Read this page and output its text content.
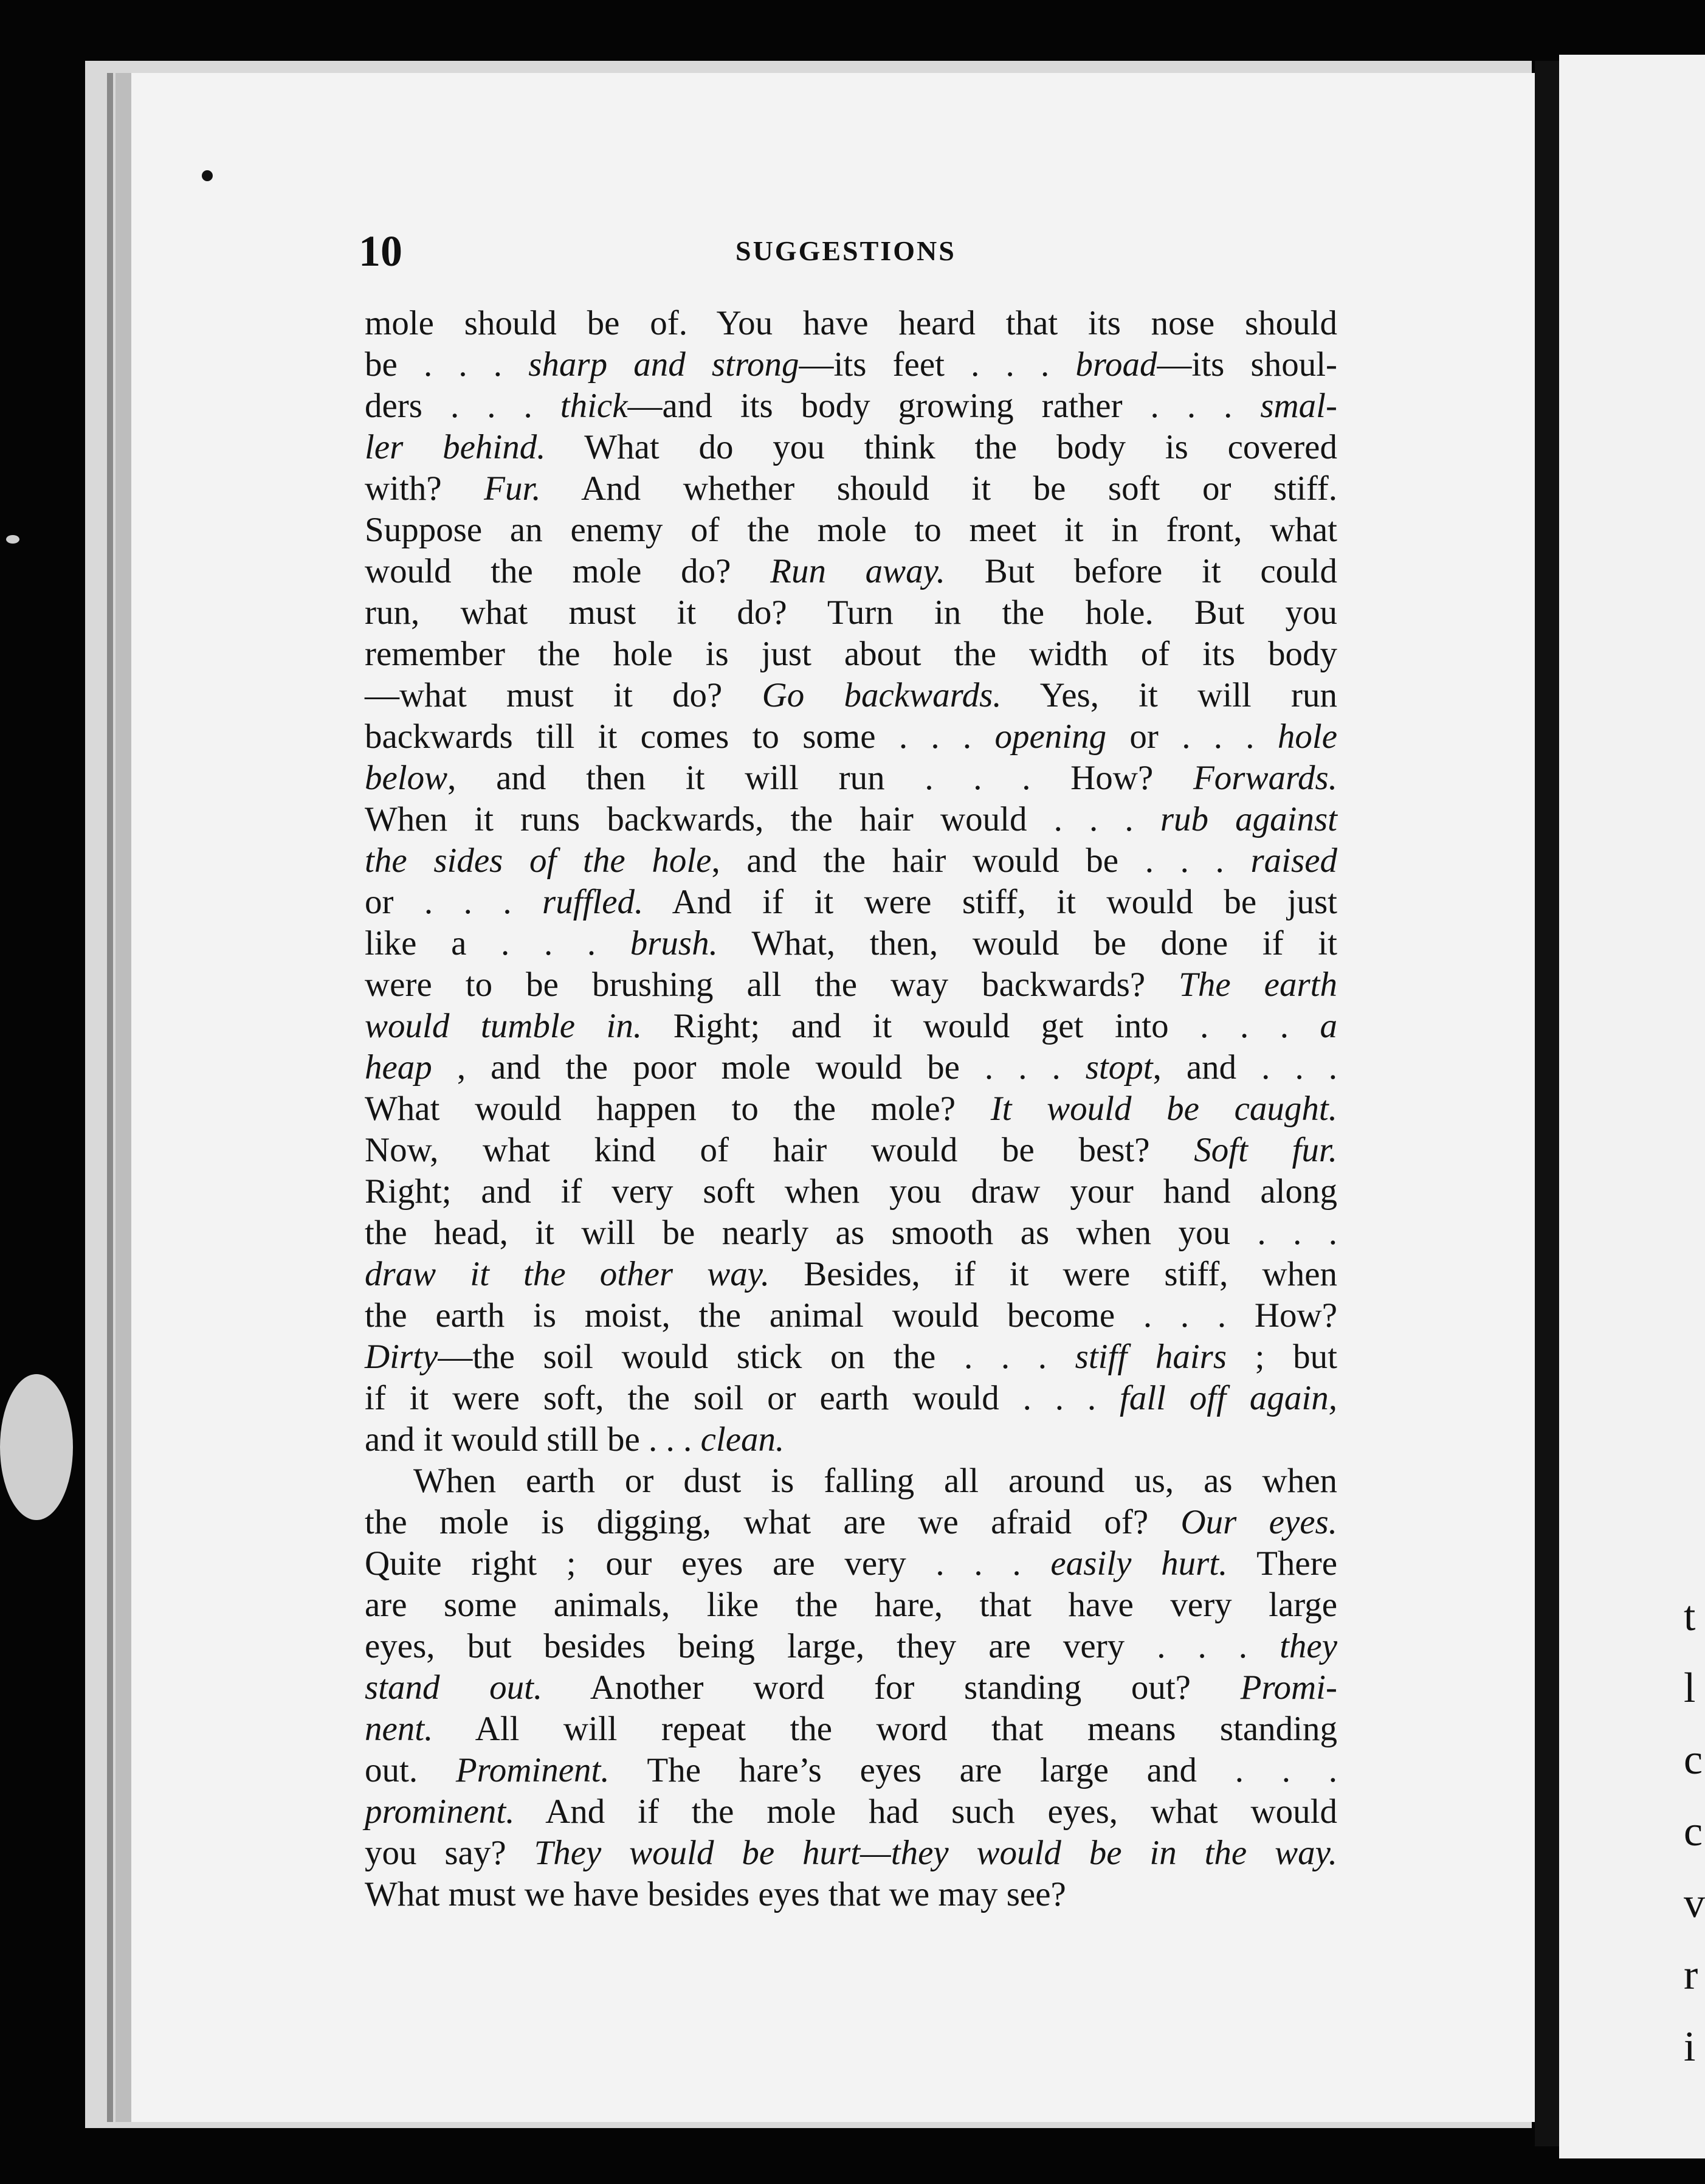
t
l
c
c
v
r
i
10	SUGGESTIONS
mole should be of. You have heard that its nose should
be . . . sharp and strong—its feet . . . broad—its shoul-
ders . . . thick—and its body growing rather . . . smal-
ler behind. What do you think the body is covered
with? Fur. And whether should it be soft or stiff.
Suppose an enemy of the mole to meet it in front, what
would the mole do? Run away. But before it could
run, what must it do? Turn in the hole. But you
remember the hole is just about the width of its body
—what must it do? Go backwards. Yes, it will run
backwards till it comes to some . . . opening or . . . hole
below, and then it will run . . . How? Forwards.
When it runs backwards, the hair would . . . rub against
the sides of the hole, and the hair would be . . . raised
or . . . ruffled. And if it were stiff, it would be just
like a . . . brush. What, then, would be done if it
were to be brushing all the way backwards? The earth
would tumble in. Right; and it would get into . . . a
heap , and the poor mole would be . . . stopt, and . . .
What would happen to the mole? It would be caught.
Now, what kind of hair would be best? Soft fur.
Right; and if very soft when you draw your hand along
the head, it will be nearly as smooth as when you . . .
draw it the other way. Besides, if it were stiff, when
the earth is moist, the animal would become . . . How?
Dirty—the soil would stick on the . . . stiff hairs ; but
if it were soft, the soil or earth would . . . fall off again,
and it would still be . . . clean.
When earth or dust is falling all around us, as when
the mole is digging, what are we afraid of? Our eyes.
Quite right ; our eyes are very . . . easily hurt. There
are some animals, like the hare, that have very large
eyes, but besides being large, they are very . . . they
stand out. Another word for standing out? Promi-
nent. All will repeat the word that means standing
out. Prominent. The hare’s eyes are large and . . .
prominent. And if the mole had such eyes, what would
you say? They would be hurt—they would be in the way.
What must we have besides eyes that we may see?
